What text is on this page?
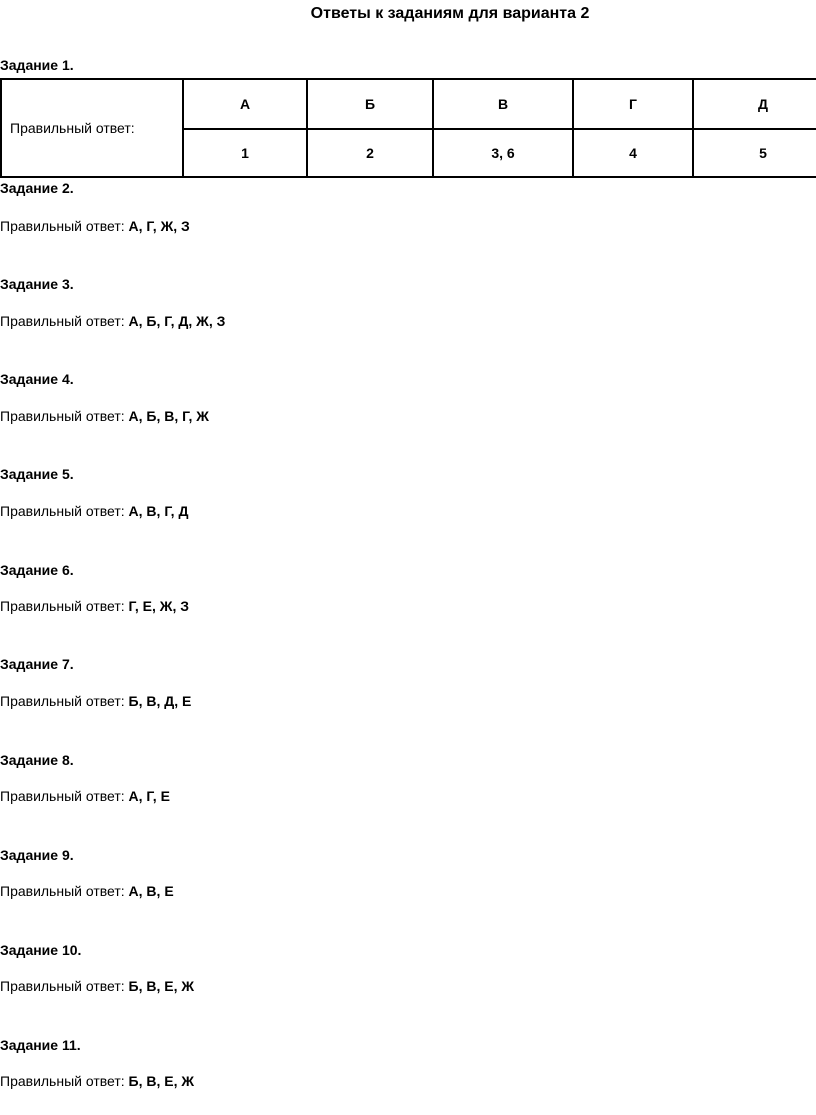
Ответы к заданиям для варианта 2
Задание 1.
Правильный ответ:	А	Б	В	Г	Д
	1	2	3, 6	4	5
Задание 2.
Правильный ответ: А, Г, Ж, З
Задание 3.
Правильный ответ: А, Б, Г, Д, Ж, З
Задание 4.
Правильный ответ: А, Б, В, Г, Ж
Задание 5.
Правильный ответ: А, В, Г, Д
Задание 6.
Правильный ответ: Г, Е, Ж, З
Задание 7.
Правильный ответ: Б, В, Д, Е
Задание 8.
Правильный ответ: А, Г, Е
Задание 9.
Правильный ответ: А, В, Е
Задание 10.
Правильный ответ: Б, В, Е, Ж
Задание 11.
Правильный ответ: Б, В, Е, Ж
